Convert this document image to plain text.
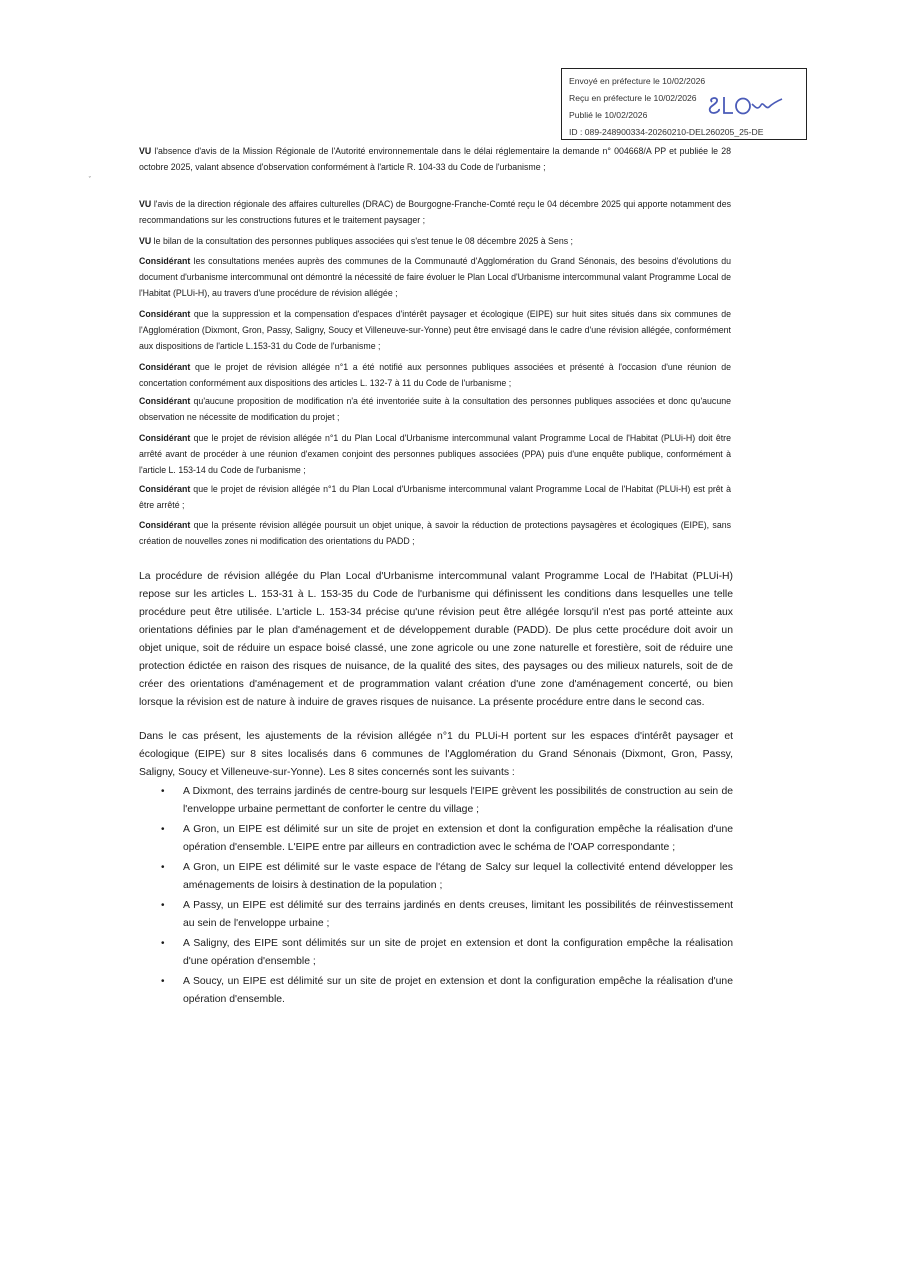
Envoyé en préfecture le 10/02/2026
Reçu en préfecture le 10/02/2026
Publié le 10/02/2026
ID : 089-248900334-20260210-DEL260205_25-DE
ˇ

VU l'absence d'avis de la Mission Régionale de l'Autorité environnementale dans le délai réglementaire la demande n° 004668/A PP et publiée le 28 octobre 2025, valant absence d'observation conformément à l'article R. 104-33 du Code de l'urbanisme ;

VU l'avis de la direction régionale des affaires culturelles (DRAC) de Bourgogne-Franche-Comté reçu le 04 décembre 2025 qui apporte notamment des recommandations sur les constructions futures et le traitement paysager ;

VU le bilan de la consultation des personnes publiques associées qui s'est tenue le 08 décembre 2025 à Sens ;

Considérant les consultations menées auprès des communes de la Communauté d'Agglomération du Grand Sénonais, des besoins d'évolutions du document d'urbanisme intercommunal ont démontré la nécessité de faire évoluer le Plan Local d'Urbanisme intercommunal valant Programme Local de l'Habitat (PLUi-H), au travers d'une procédure de révision allégée ;

Considérant que la suppression et la compensation d'espaces d'intérêt paysager et écologique (EIPE) sur huit sites situés dans six communes de l'Agglomération (Dixmont, Gron, Passy, Saligny, Soucy et Villeneuve-sur-Yonne) peut être envisagé dans le cadre d'une révision allégée, conformément aux dispositions de l'article L.153-31 du Code de l'urbanisme ;

Considérant que le projet de révision allégée n°1 a été notifié aux personnes publiques associées et présenté à l'occasion d'une réunion de concertation conformément aux dispositions des articles L. 132-7 à 11 du Code de l'urbanisme ;

Considérant qu'aucune proposition de modification n'a été inventoriée suite à la consultation des personnes publiques associées et donc qu'aucune observation ne nécessite de modification du projet ;

Considérant que le projet de révision allégée n°1 du Plan Local d'Urbanisme intercommunal valant Programme Local de l'Habitat (PLUi-H) doit être arrêté avant de procéder à une réunion d'examen conjoint des personnes publiques associées (PPA) puis d'une enquête publique, conformément à l'article L. 153-14 du Code de l'urbanisme ;

Considérant que le projet de révision allégée n°1 du Plan Local d'Urbanisme intercommunal valant Programme Local de l'Habitat (PLUi-H) est prêt à être arrêté ;

Considérant que la présente révision allégée poursuit un objet unique, à savoir la réduction de protections paysagères et écologiques (EIPE), sans création de nouvelles zones ni modification des orientations du PADD ;

La procédure de révision allégée du Plan Local d'Urbanisme intercommunal valant Programme Local de l'Habitat (PLUi-H) repose sur les articles L. 153-31 à L. 153-35 du Code de l'urbanisme qui définissent les conditions dans lesquelles une telle procédure peut être utilisée. L'article L. 153-34 précise qu'une révision peut être allégée lorsqu'il n'est pas porté atteinte aux orientations définies par le plan d'aménagement et de développement durable (PADD). De plus cette procédure doit avoir un objet unique, soit de réduire un espace boisé classé, une zone agricole ou une zone naturelle et forestière, soit de réduire une protection édictée en raison des risques de nuisance, de la qualité des sites, des paysages ou des milieux naturels, soit de de créer des orientations d'aménagement et de programmation valant création d'une zone d'aménagement concerté, ou bien lorsque la révision est de nature à induire de graves risques de nuisance. La présente procédure entre dans le second cas.

Dans le cas présent, les ajustements de la révision allégée n°1 du PLUi-H portent sur les espaces d'intérêt paysager et écologique (EIPE) sur 8 sites localisés dans 6 communes de l'Agglomération du Grand Sénonais (Dixmont, Gron, Passy, Saligny, Soucy et Villeneuve-sur-Yonne). Les 8 sites concernés sont les suivants :

• A Dixmont, des terrains jardinés de centre-bourg sur lesquels l'EIPE grèvent les possibilités de construction au sein de l'enveloppe urbaine permettant de conforter le centre du village ;
• A Gron, un EIPE est délimité sur un site de projet en extension et dont la configuration empêche la réalisation d'une opération d'ensemble. L'EIPE entre par ailleurs en contradiction avec le schéma de l'OAP correspondante ;
• A Gron, un EIPE est délimité sur le vaste espace de l'étang de Salcy sur lequel la collectivité entend développer les aménagements de loisirs à destination de la population ;
• A Passy, un EIPE est délimité sur des terrains jardinés en dents creuses, limitant les possibilités de réinvestissement au sein de l'enveloppe urbaine ;
• A Saligny, des EIPE sont délimités sur un site de projet en extension et dont la configuration empêche la réalisation d'une opération d'ensemble ;
• A Soucy, un EIPE est délimité sur un site de projet en extension et dont la configuration empêche la réalisation d'une opération d'ensemble.
